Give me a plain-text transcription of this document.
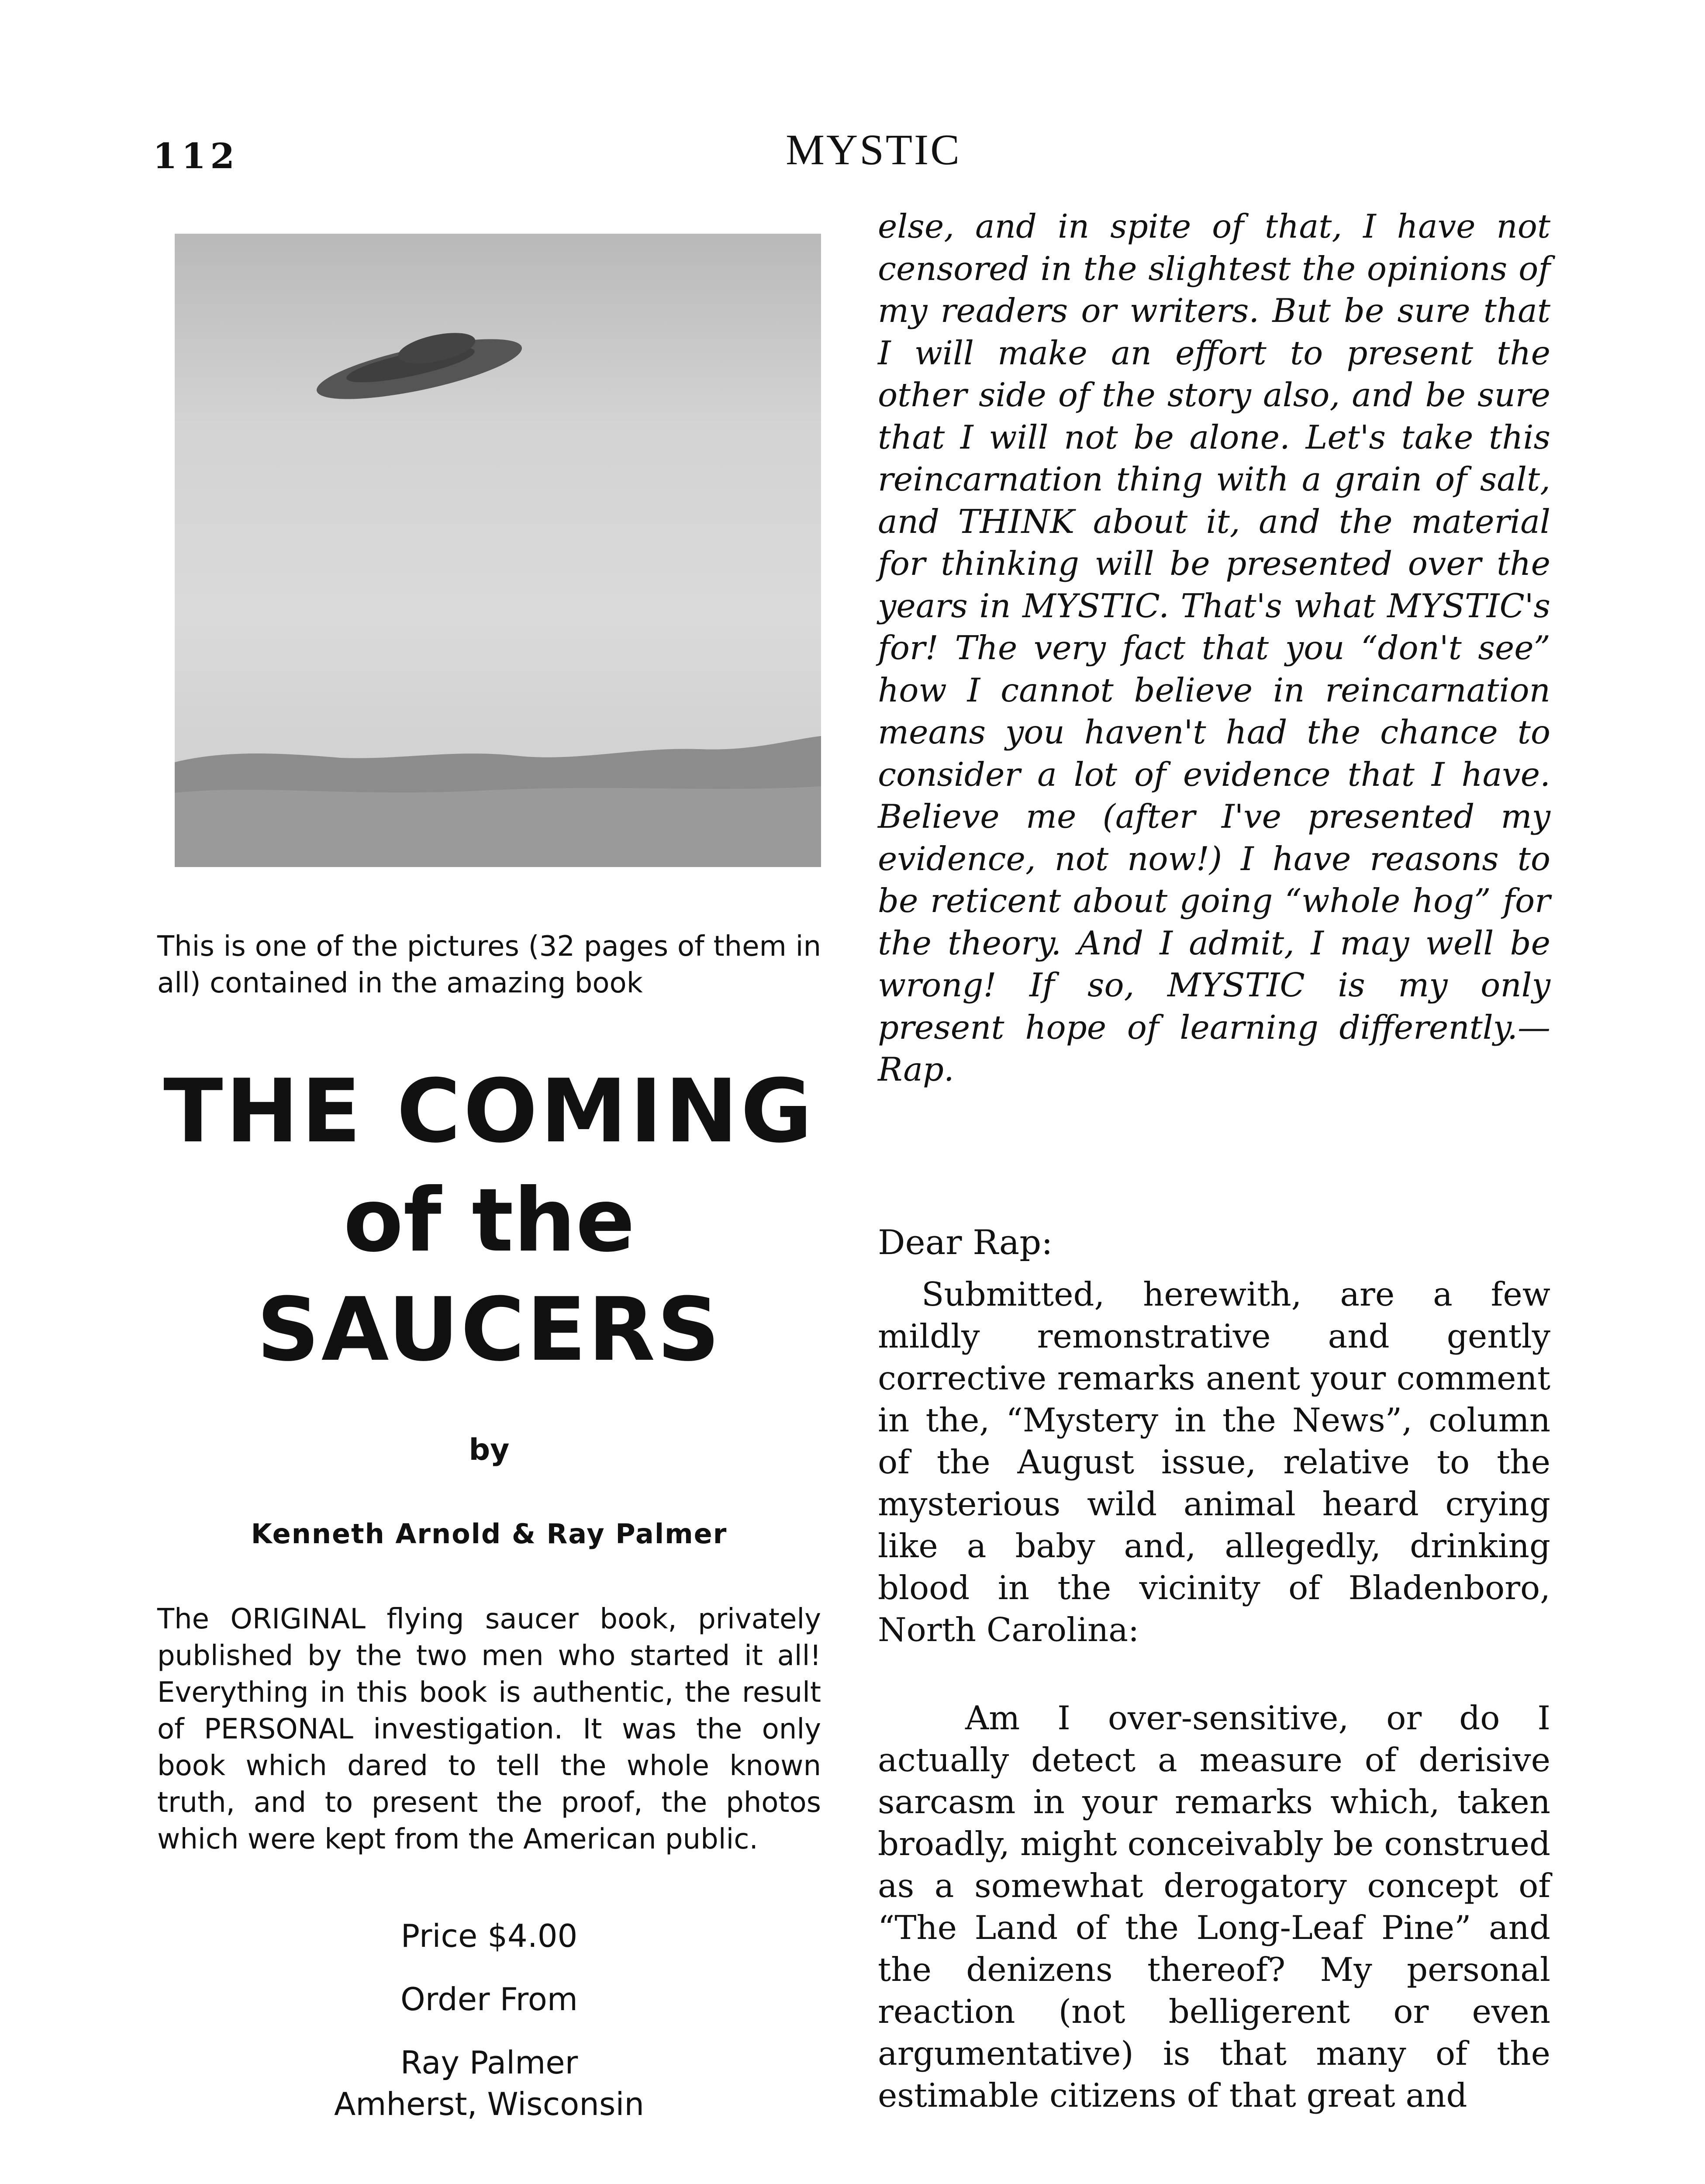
112	MYSTIC
This is one of the pictures (32 pages of them in all) contained in the amazing book
THE COMING
of the
SAUCERS
by
Kenneth Arnold & Ray Palmer
The ORIGINAL flying saucer book, privately published by the two men who started it all! Everything in this book is authentic, the result of PERSONAL investigation. It was the only book which dared to tell the whole known truth, and to present the proof, the photos which were kept from the American public.
Price $4.00
Order From
Ray Palmer
Amherst, Wisconsin
else, and in spite of that, I have not censored in the slightest the opinions of my readers or writers. But be sure that I will make an effort to present the other side of the story also, and be sure that I will not be alone. Let's take this reincarnation thing with a grain of salt, and THINK about it, and the material for thinking will be presented over the years in MYSTIC. That's what MYSTIC's for! The very fact that you “don't see” how I cannot believe in reincarnation means you haven't had the chance to consider a lot of evidence that I have. Believe me (after I've presented my evidence, not now!) I have reasons to be reticent about going “whole hog” for the theory. And I admit, I may well be wrong! If so, MYSTIC is my only present hope of learning differently.—Rap.
Dear Rap:

Submitted, herewith, are a few mildly remonstrative and gently corrective remarks anent your comment in the, “Mystery in the News”, column of the August issue, relative to the mysterious wild animal heard crying like a baby and, allegedly, drinking blood in the vicinity of Bladenboro, North Carolina:

Am I over-sensitive, or do I actually detect a measure of derisive sarcasm in your remarks which, taken broadly, might conceivably be construed as a somewhat derogatory concept of “The Land of the Long-Leaf Pine” and the denizens thereof? My personal reaction (not belligerent or even argumentative) is that many of the estimable citizens of that great and
